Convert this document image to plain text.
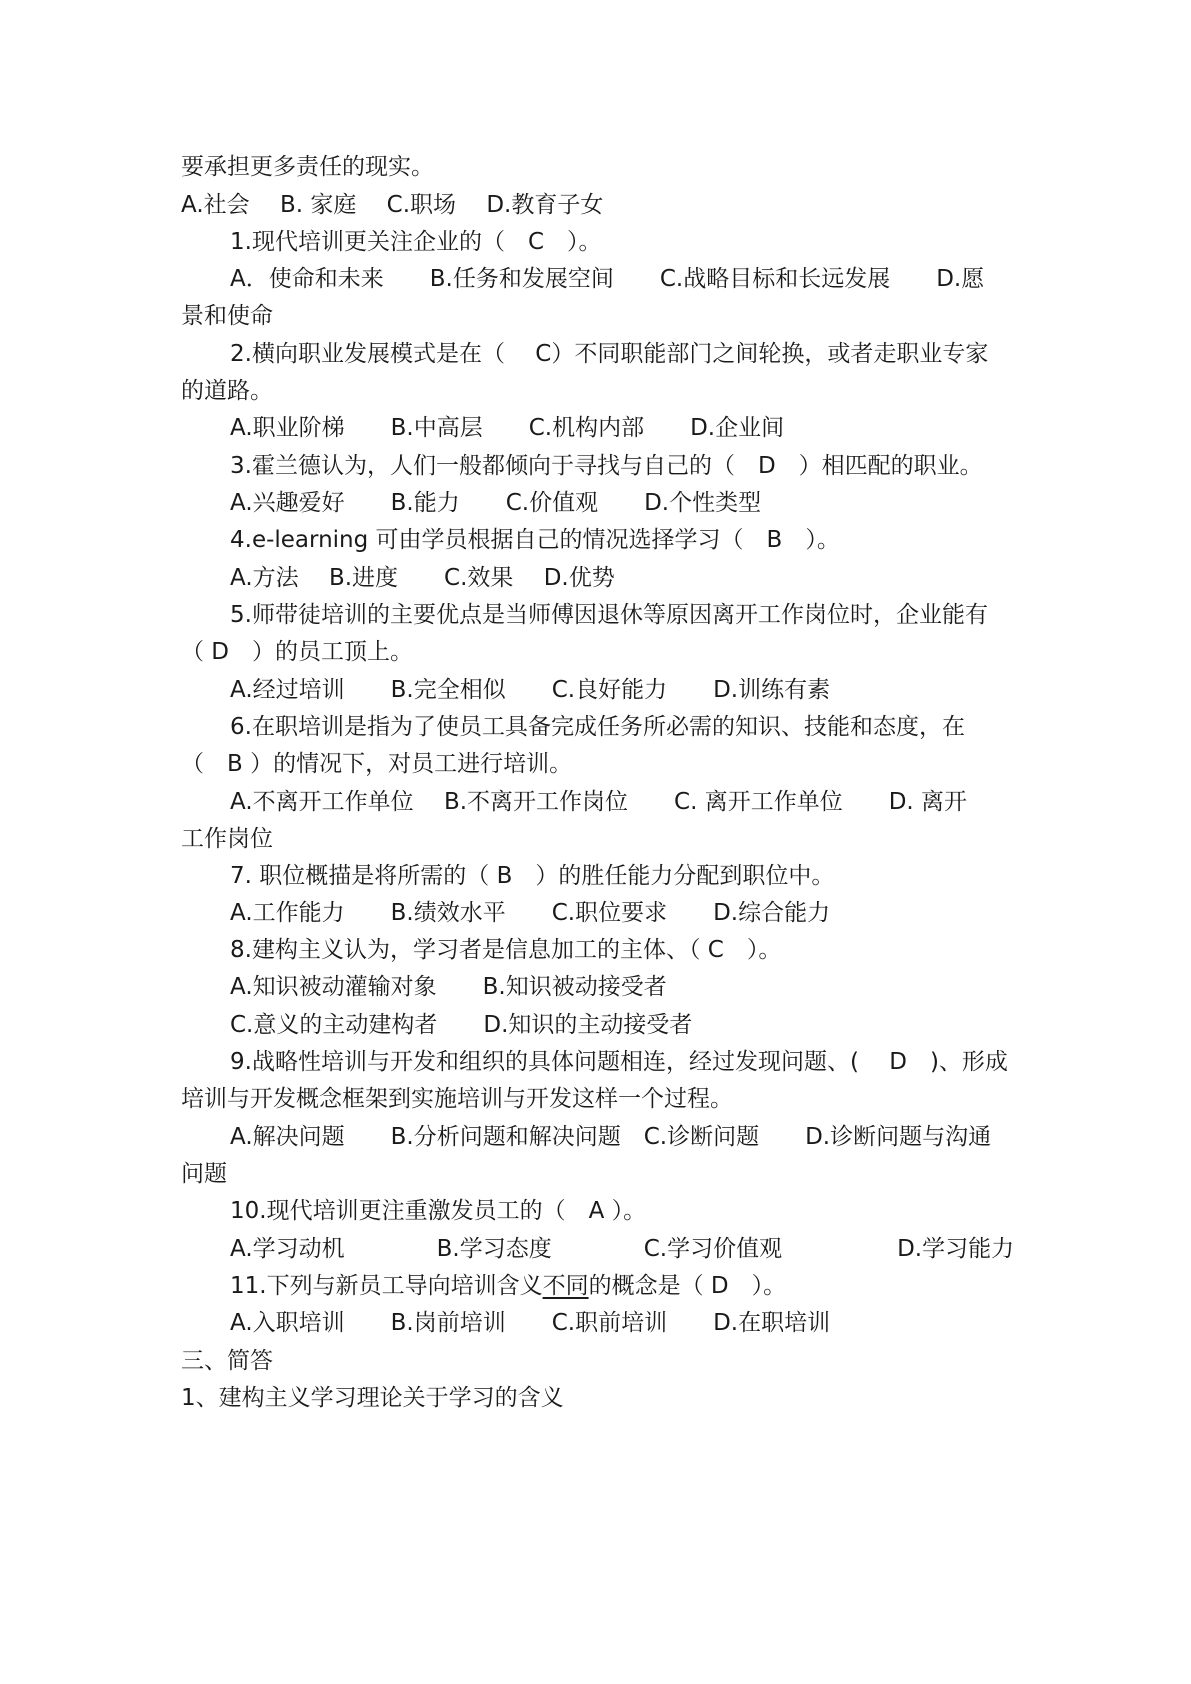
要承担更多责任的现实。

A.社会　 B. 家庭　 C.职场　 D.教育子女

1.现代培训更关注企业的（　C　）。

A．使命和未来　　B.任务和发展空间　　C.战略目标和长远发展　　D.愿

景和使命

2.横向职业发展模式是在（　 C）不同职能部门之间轮换，或者走职业专家

的道路。

A.职业阶梯　　B.中高层　　C.机构内部　　D.企业间

3.霍兰德认为，人们一般都倾向于寻找与自己的（　D　）相匹配的职业。

A.兴趣爱好　　B.能力　　C.价值观　　D.个性类型

4.e-learning 可由学员根据自己的情况选择学习（　B　）。

A.方法　 B.进度　　C.效果　 D.优势

5.师带徒培训的主要优点是当师傅因退休等原因离开工作岗位时，企业能有

（ D　）的员工顶上。

A.经过培训　　B.完全相似　　C.良好能力　　D.训练有素

6.在职培训是指为了使员工具备完成任务所必需的知识、技能和态度，在

（　B ）的情况下，对员工进行培训。

A.不离开工作单位　 B.不离开工作岗位　　C. 离开工作单位　　D. 离开

工作岗位

7. 职位概描是将所需的（ B　）的胜任能力分配到职位中。

A.工作能力　　B.绩效水平　　C.职位要求　　D.综合能力

8.建构主义认为，学习者是信息加工的主体、（ C　）。

A.知识被动灌输对象　　B.知识被动接受者

C.意义的主动建构者　　D.知识的主动接受者

9.战略性培训与开发和组织的具体问题相连，经过发现问题、(　 D　)、形成

培训与开发概念框架到实施培训与开发这样一个过程。

A.解决问题　　B.分析问题和解决问题　C.诊断问题　　D.诊断问题与沟通

问题

10.现代培训更注重激发员工的（　A ）。

A.学习动机　　　　B.学习态度　　　　C.学习价值观　　　　　D.学习能力

11.下列与新员工导向培训含义不同的概念是（ D　）。

A.入职培训　　B.岗前培训　　C.职前培训　　D.在职培训

三、简答

1、建构主义学习理论关于学习的含义
